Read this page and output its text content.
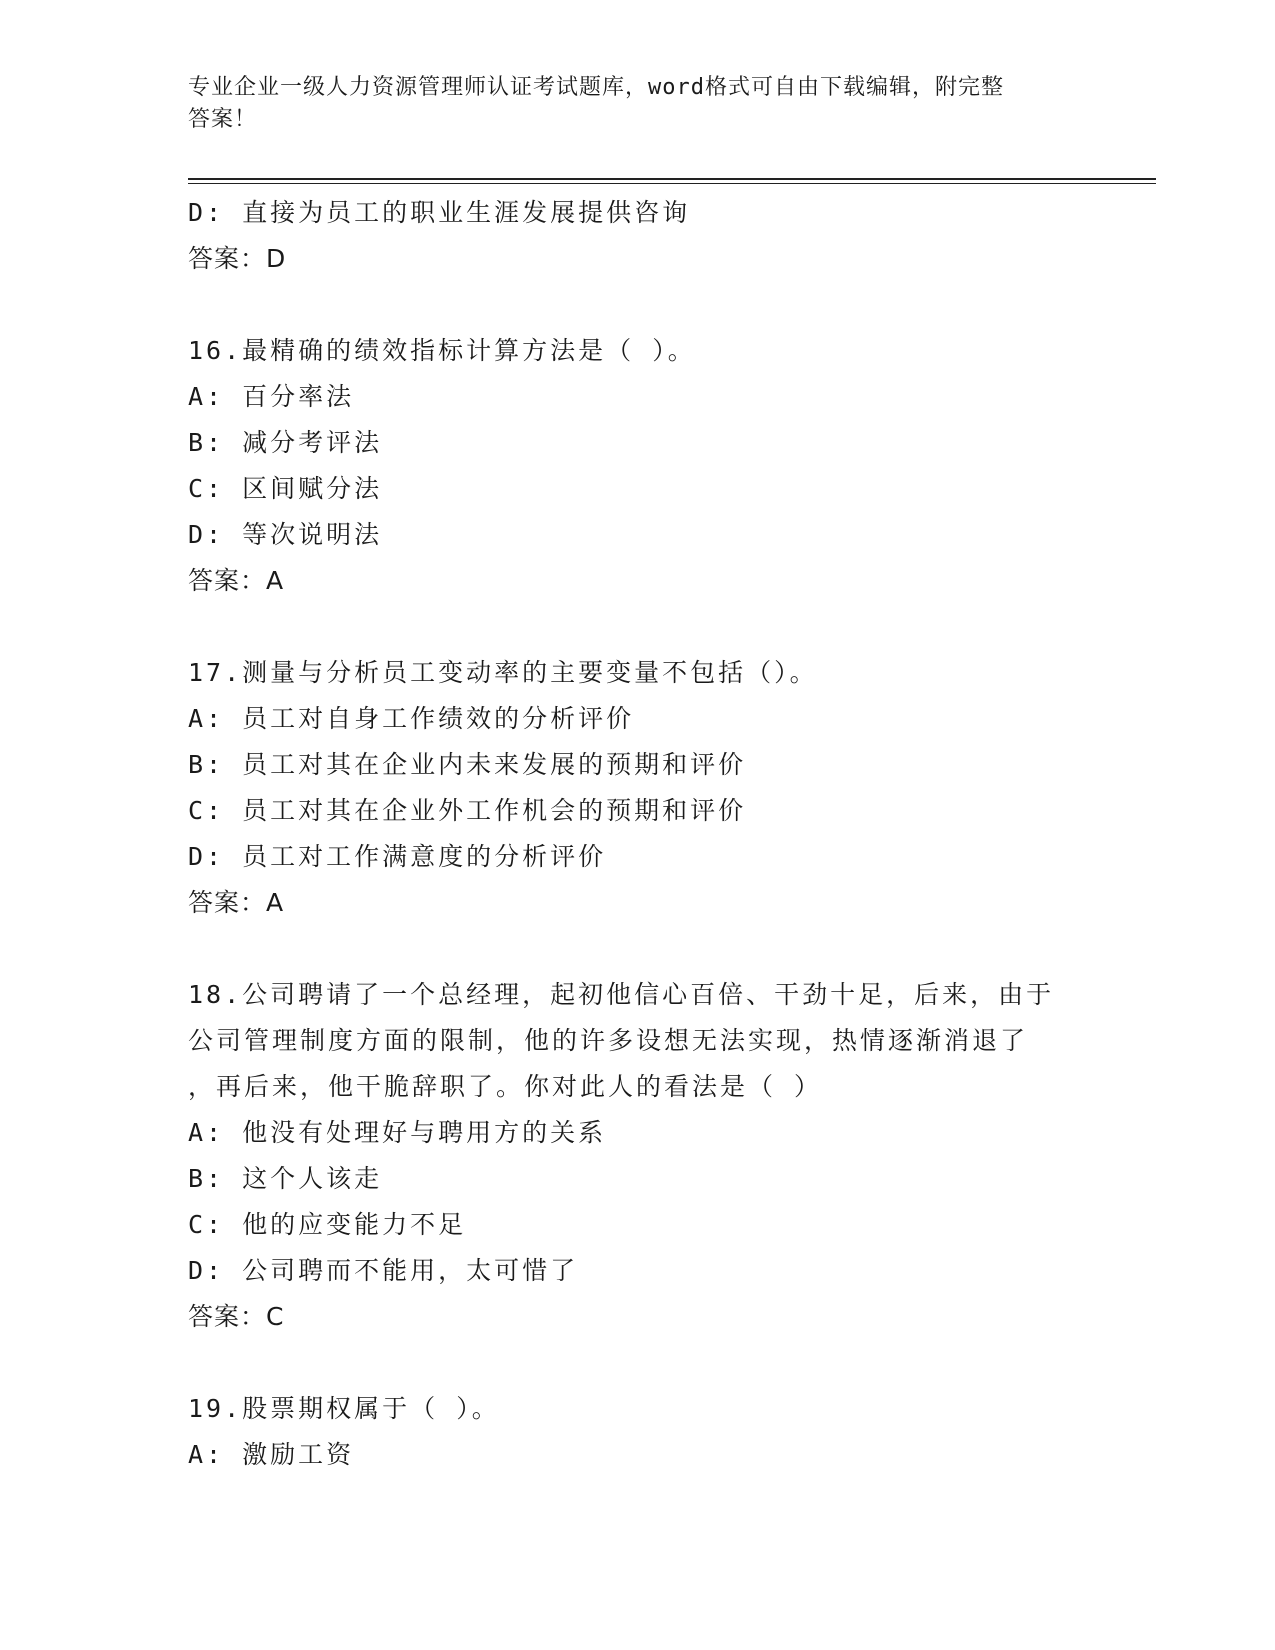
专业企业一级人力资源管理师认证考试题库，word格式可自由下载编辑，附完整
答案！
D: 直接为员工的职业生涯发展提供咨询
答案：D
16.最精确的绩效指标计算方法是（ ）。
A: 百分率法
B: 减分考评法
C: 区间赋分法
D: 等次说明法
答案：A
17.测量与分析员工变动率的主要变量不包括（）。
A: 员工对自身工作绩效的分析评价
B: 员工对其在企业内未来发展的预期和评价
C: 员工对其在企业外工作机会的预期和评价
D: 员工对工作满意度的分析评价
答案：A
18.公司聘请了一个总经理，起初他信心百倍、干劲十足，后来，由于
公司管理制度方面的限制，他的许多设想无法实现，热情逐渐消退了
，再后来，他干脆辞职了。你对此人的看法是（ ）
A: 他没有处理好与聘用方的关系
B: 这个人该走
C: 他的应变能力不足
D: 公司聘而不能用，太可惜了
答案：C
19.股票期权属于（ ）。
A: 激励工资
